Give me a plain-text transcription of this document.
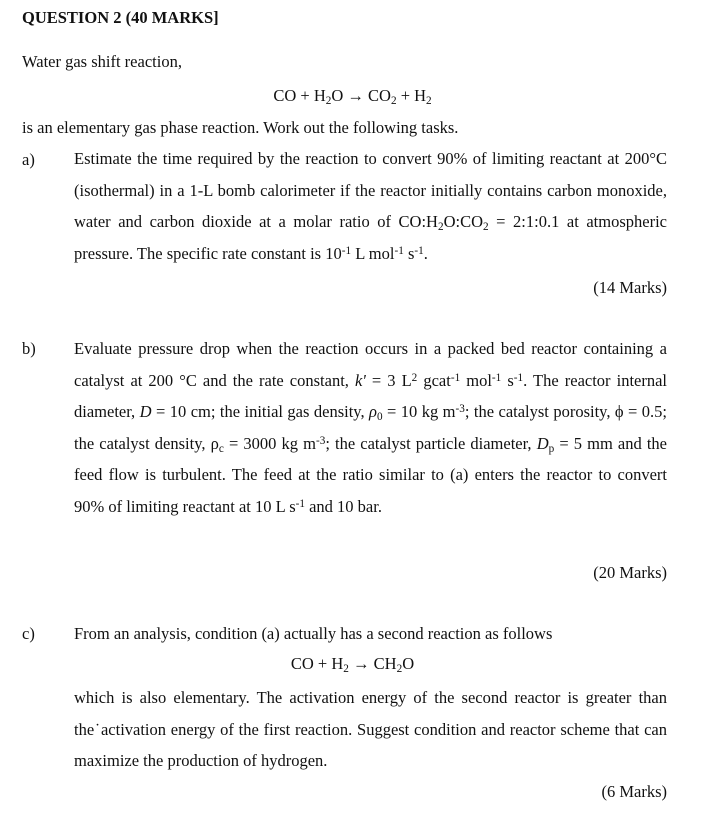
QUESTION 2 (40 MARKS]
Water gas shift reaction,
CO + $H_2O \to CO_2 + H_2$
is an elementary gas phase reaction. Work out the following tasks.
a) Estimate the time required by the reaction to convert 90% of limiting reactant at 200°C (isothermal) in a 1-L bomb calorimeter if the reactor initially contains carbon monoxide, water and carbon dioxide at a molar ratio of $CO:H_2O:CO_2$ = 2:1:0.1 at atmospheric pressure. The specific rate constant is $10^{-1}$ L mol$^{-1}$ $s^{-1}$.

(14 Marks)
b) Evaluate pressure drop when the reaction occurs in a packed bed reactor containing a catalyst at 200 °C and the rate constant, k' = 3 $L^2$ gcat$^{-1}$ mol$^{-1}$ $s^{-1}$. The reactor internal diameter, D = 10 cm; the initial gas density, $\rho_0 = 10$ kg $m^{-3}$; the catalyst porosity, ϕ = 0.5; the catalyst density, $\rho_c = 3000$ kg $m^{-3}$; the catalyst particle diameter, $D_p = 5$ mm and the feed flow is turbulent. The feed at the ratio similar to (a) enters the reactor to convert 90% of limiting reactant at 10 L $s^{-1}$ and 10 bar.

(20 Marks)
c) From an analysis, condition (a) actually has a second reaction as follows

CO + $H_2 \to CH_2O$

which is also elementary. The activation energy of the second reactor is greater than the˙activation energy of the first reaction. Suggest condition and reactor scheme that can maximize the production of hydrogen.

(6 Marks)
